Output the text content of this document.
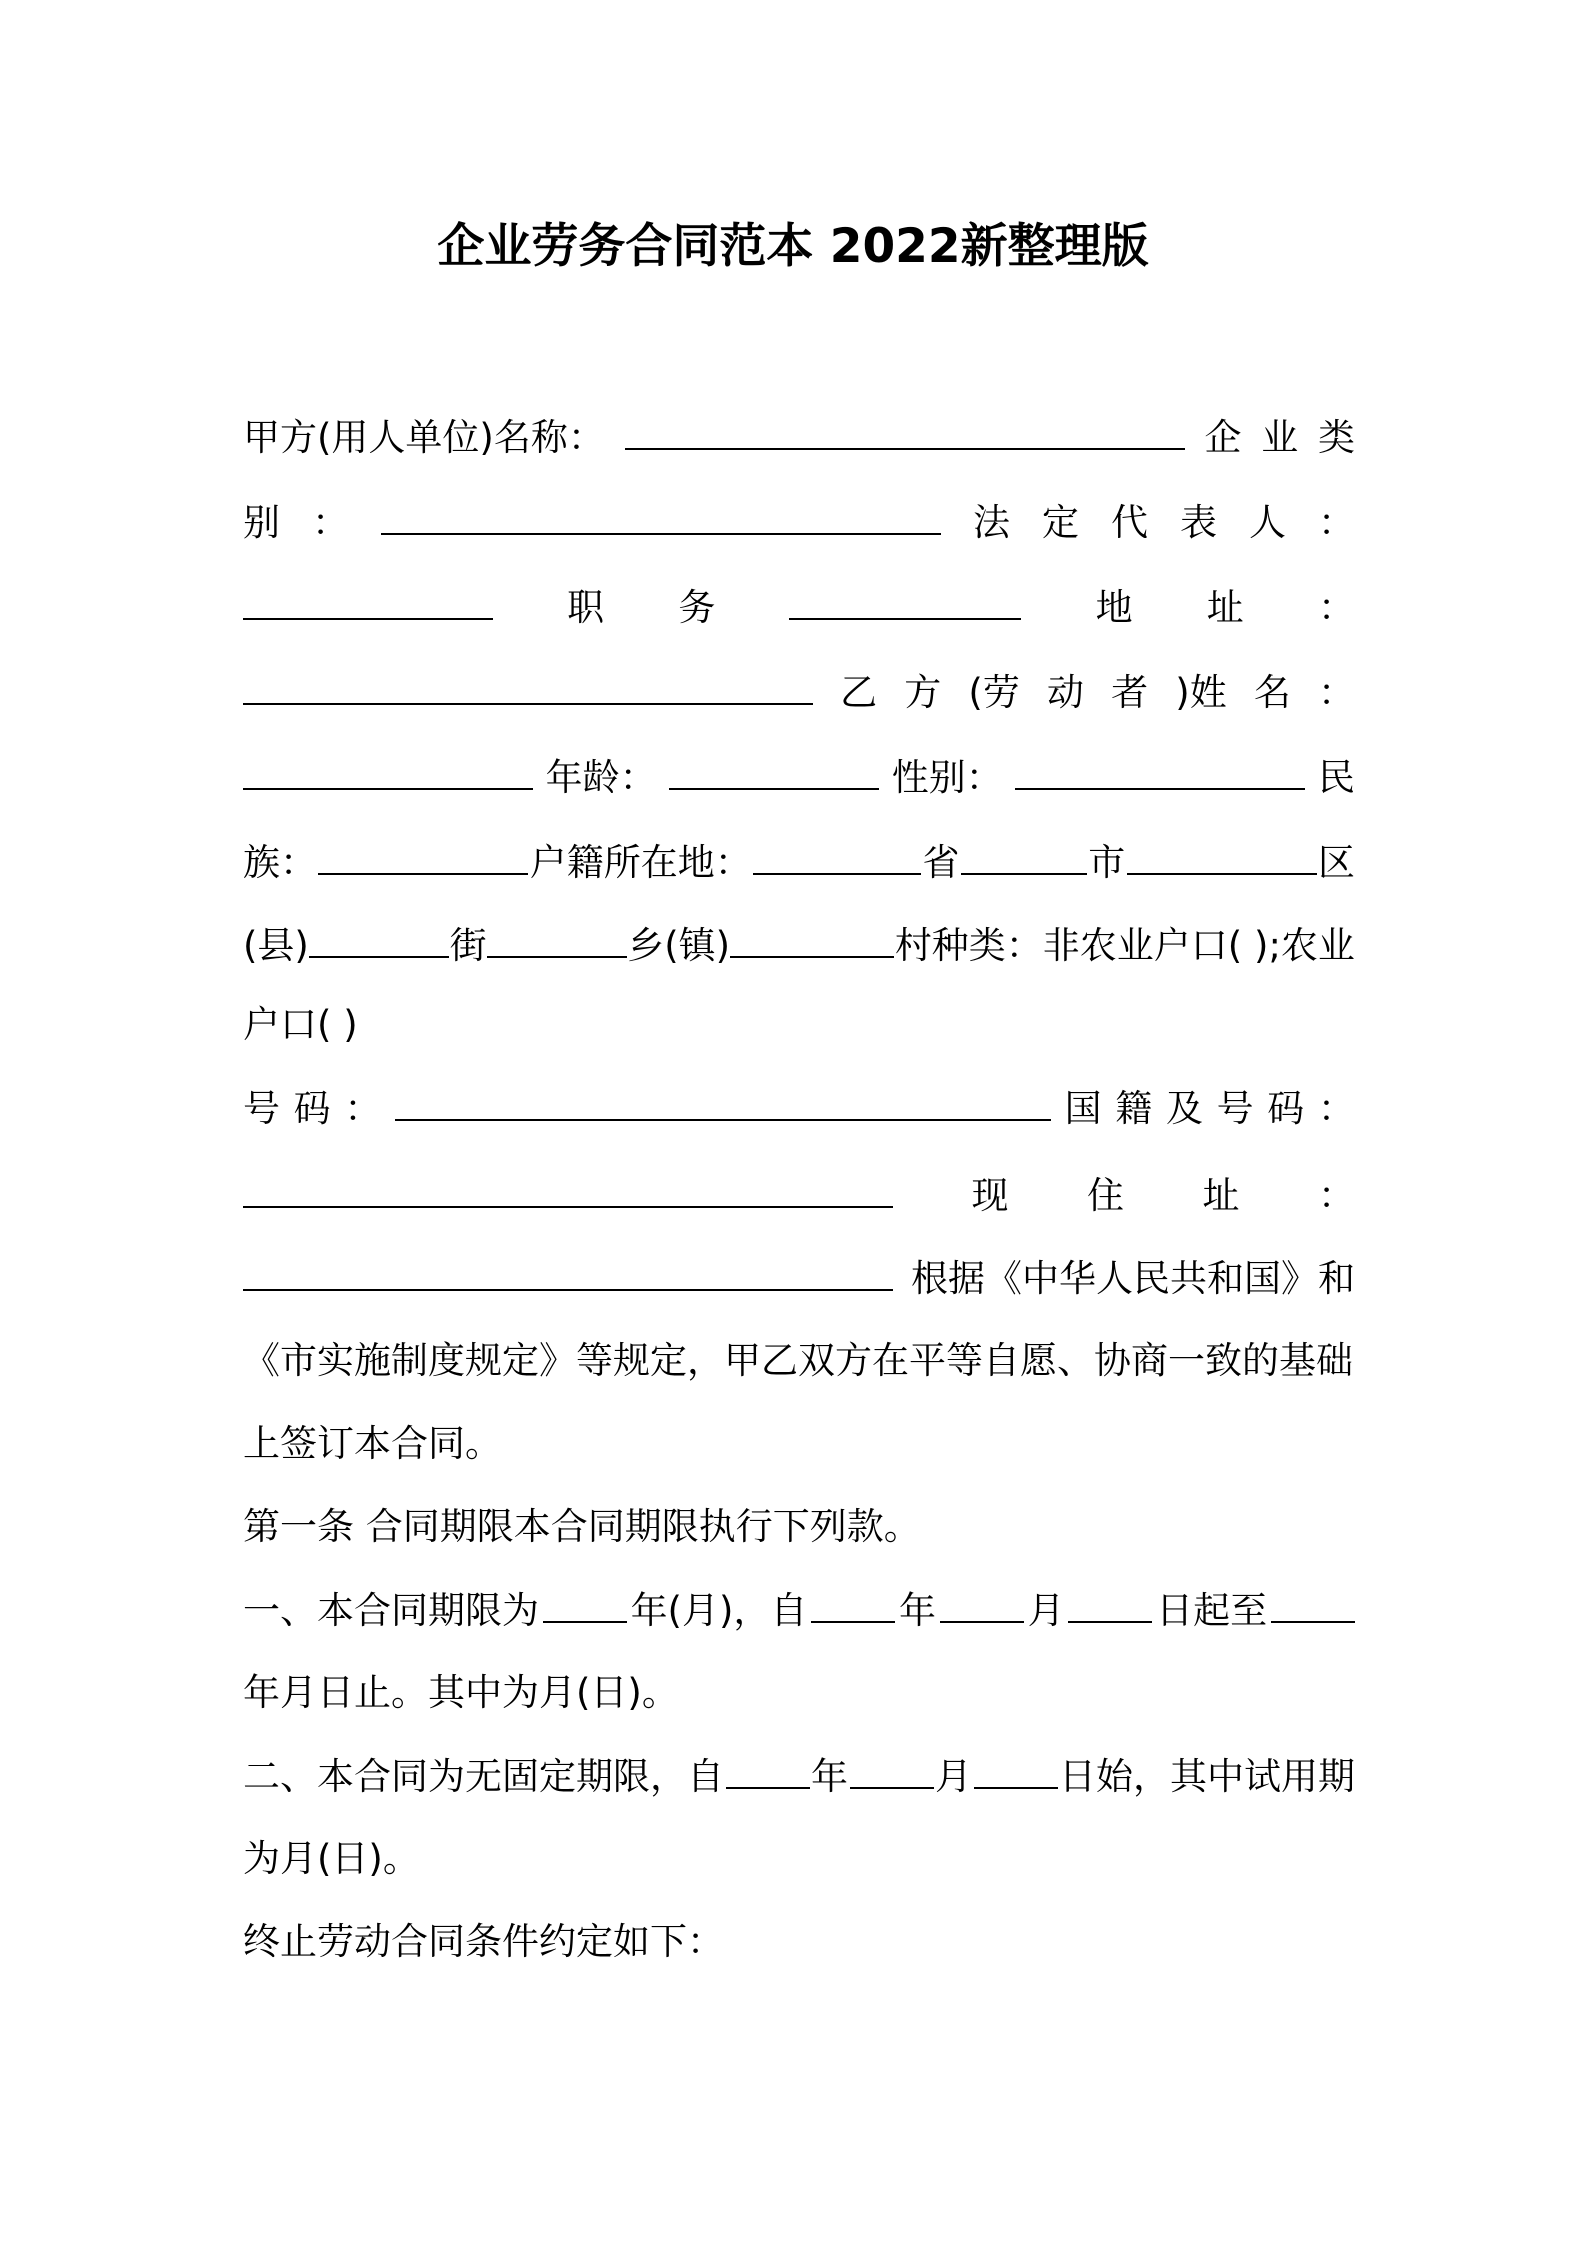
企业劳务合同范本 2022新整理版
甲方(用人单位)名称：	企 业 类
别 ：	法 定 代 表 人 ：
职 务	地 址 ：
乙 方 (劳 动 者 )姓 名 ：
年龄：	性别：	民
族：	户籍所在地：	省	市	区
(县)	街	乡(镇)	村种类：非农业户口( );农业
户口( )
号 码 ：	国 籍 及 号 码 ：
现 住 址 ：
根据《中华人民共和国》和
《市实施制度规定》等规定，甲乙双方在平等自愿、协商一致的基础
上签订本合同。
第一条 合同期限本合同期限执行下列款。
一、本合同期限为 年(月)，自 年 月 日起至
年月日止。其中为月(日)。
二、本合同为无固定期限，自 年 月 日始，其中试用期
为月(日)。
终止劳动合同条件约定如下：
